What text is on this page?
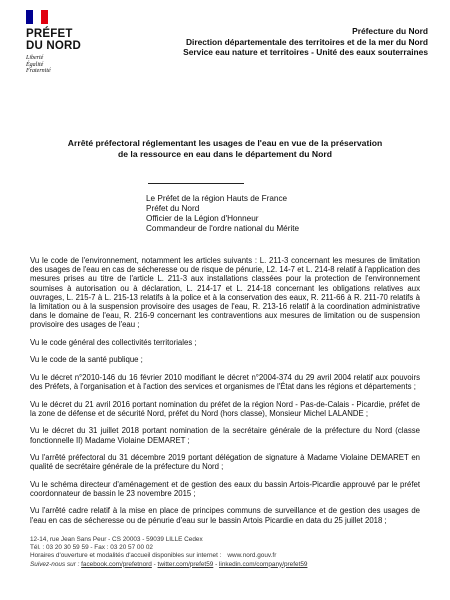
PRÉFET
DU NORD
Liberté
Égalité
Fraternité
Préfecture du Nord
Direction départementale des territoires et de la mer du Nord
Service eau nature et territoires - Unité des eaux souterraines
Arrêté préfectoral réglementant les usages de l'eau en vue de la préservation
de la ressource en eau dans le département du Nord
Le Préfet de la région Hauts de France
Préfet du Nord
Officier de la Légion d'Honneur
Commandeur de l'ordre national du Mérite

Vu le code de l'environnement, notamment les articles suivants : L. 211-3 concernant les mesures de limitation des usages de l'eau en cas de sécheresse ou de risque de pénurie, L2. 14-7 et L. 214-8 relatif à l'application des mesures prises au titre de l'article L. 211-3 aux installations classées pour la protection de l'environnement soumises à autorisation ou à déclaration, L. 214-17 et L. 214-18 concernant les obligations relatives aux ouvrages, L. 215-7 à L. 215-13 relatifs à la police et à la conservation des eaux, R. 211-66 à R. 211-70 relatifs à la limitation ou à la suspension provisoire des usages de l'eau, R. 213-16 relatif à la coordination administrative dans le domaine de l'eau, R. 216-9 concernant les contraventions aux mesures de limitation ou de suspension provisoire des usages de l'eau ;

Vu le code général des collectivités territoriales ;

Vu le code de la santé publique ;

Vu le décret n°2010-146 du 16 février 2010 modifiant le décret n°2004-374 du 29 avril 2004 relatif aux pouvoirs des Préfets, à l'organisation et à l'action des services et organismes de l'État dans les régions et départements ;

Vu le décret du 21 avril 2016 portant nomination du préfet de la région Nord - Pas-de-Calais - Picardie, préfet de la zone de défense et de sécurité Nord, préfet du Nord (hors classe), Monsieur Michel LALANDE ;

Vu le décret du 31 juillet 2018 portant nomination de la secrétaire générale de la préfecture du Nord (classe fonctionnelle II) Madame Violaine DEMARET ;

Vu l'arrêté préfectoral du 31 décembre 2019 portant délégation de signature à Madame Violaine DEMARET en qualité de secrétaire générale de la préfecture du Nord ;

Vu le schéma directeur d'aménagement et de gestion des eaux du bassin Artois-Picardie approuvé par le préfet coordonnateur de bassin le 23 novembre 2015 ;

Vu l'arrêté cadre relatif à la mise en place de principes communs de surveillance et de gestion des usages de l'eau en cas de sécheresse ou de pénurie d'eau sur le bassin Artois Picardie en data du 25 juillet 2018 ;

12-14, rue Jean Sans Peur - CS 20003 - 59039 LILLE Cedex
Tél. : 03 20 30 59 59 - Fax : 03 20 57 00 02
Horaires d'ouverture et modalités d'accueil disponibles sur internet : www.nord.gouv.fr
Suivez-nous sur : facebook.com/prefetnord - twitter.com/prefet59 - linkedin.com/company/prefet59
